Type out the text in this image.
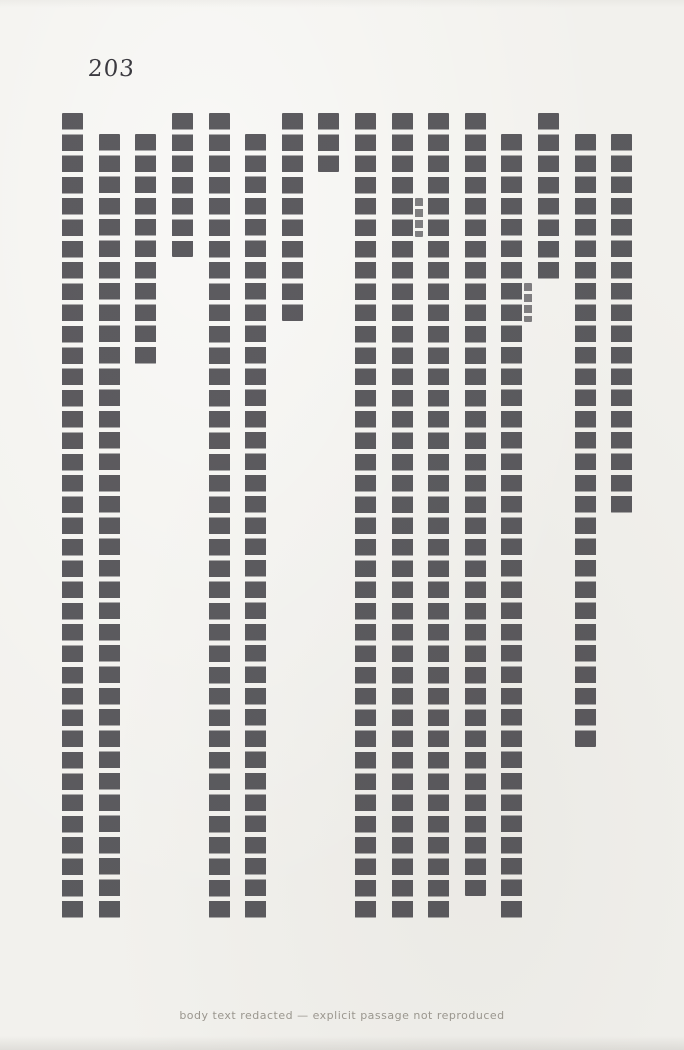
203
body text redacted — explicit passage not reproduced
